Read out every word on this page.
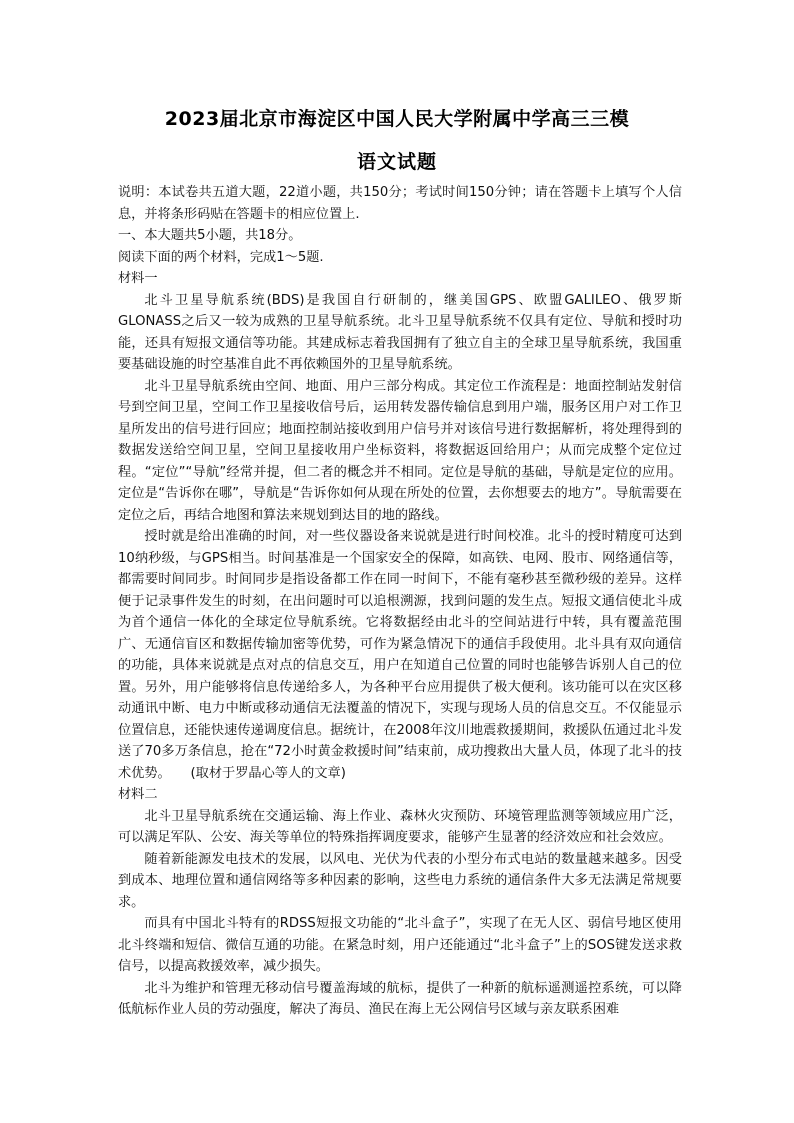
2023届北京市海淀区中国人民大学附属中学高三三模
语文试题

说明：本试卷共五道大题，22道小题，共150分；考试时间150分钟；请在答题卡上填写个人信息，并将条形码贴在答题卡的相应位置上.

一、本大题共5小题，共18分。

阅读下面的两个材料，完成1～5题.

材料一

北斗卫星导航系统(BDS)是我国自行研制的，继美国GPS、欧盟GALILEO、俄罗斯GLONASS之后又一较为成熟的卫星导航系统。北斗卫星导航系统不仅具有定位、导航和授时功能，还具有短报文通信等功能。其建成标志着我国拥有了独立自主的全球卫星导航系统，我国重要基础设施的时空基准自此不再依赖国外的卫星导航系统。

北斗卫星导航系统由空间、地面、用户三部分构成。其定位工作流程是：地面控制站发射信号到空间卫星，空间工作卫星接收信号后，运用转发器传输信息到用户端，服务区用户对工作卫星所发出的信号进行回应；地面控制站接收到用户信号并对该信号进行数据解析，将处理得到的数据发送给空间卫星，空间卫星接收用户坐标资料，将数据返回给用户；从而完成整个定位过程。“定位”“导航”经常并提，但二者的概念并不相同。定位是导航的基础，导航是定位的应用。定位是“告诉你在哪”，导航是“告诉你如何从现在所处的位置，去你想要去的地方”。导航需要在定位之后，再结合地图和算法来规划到达目的地的路线。

授时就是给出准确的时间，对一些仪器设备来说就是进行时间校准。北斗的授时精度可达到10纳秒级，与GPS相当。时间基准是一个国家安全的保障，如高铁、电网、股市、网络通信等，都需要时间同步。时间同步是指设备都工作在同一时间下，不能有毫秒甚至微秒级的差异。这样便于记录事件发生的时刻，在出问题时可以追根溯源，找到问题的发生点。短报文通信使北斗成为首个通信一体化的全球定位导航系统。它将数据经由北斗的空间站进行中转，具有覆盖范围广、无通信盲区和数据传输加密等优势，可作为紧急情况下的通信手段使用。北斗具有双向通信的功能，具体来说就是点对点的信息交互，用户在知道自己位置的同时也能够告诉别人自己的位置。另外，用户能够将信息传递给多人，为各种平台应用提供了极大便利。该功能可以在灾区移动通讯中断、电力中断或移动通信无法覆盖的情况下，实现与现场人员的信息交互。不仅能显示位置信息，还能快速传递调度信息。据统计，在2008年汶川地震救援期间，救援队伍通过北斗发送了70多万条信息，抢在“72小时黄金救援时间”结束前，成功搜救出大量人员，体现了北斗的技术优势。　　(取材于罗晶心等人的文章)

材料二

北斗卫星导航系统在交通运输、海上作业、森林火灾预防、环境管理监测等领域应用广泛，可以满足军队、公安、海关等单位的特殊指挥调度要求，能够产生显著的经济效应和社会效应。

随着新能源发电技术的发展，以风电、光伏为代表的小型分布式电站的数量越来越多。因受到成本、地理位置和通信网络等多种因素的影响，这些电力系统的通信条件大多无法满足常规要求。

而具有中国北斗特有的RDSS短报文功能的“北斗盒子”，实现了在无人区、弱信号地区使用北斗终端和短信、微信互通的功能。在紧急时刻，用户还能通过“北斗盒子”上的SOS键发送求救信号，以提高救援效率，减少损失。

北斗为维护和管理无移动信号覆盖海域的航标，提供了一种新的航标遥测遥控系统，可以降低航标作业人员的劳动强度，解决了海员、渔民在海上无公网信号区域与亲友联系困难
